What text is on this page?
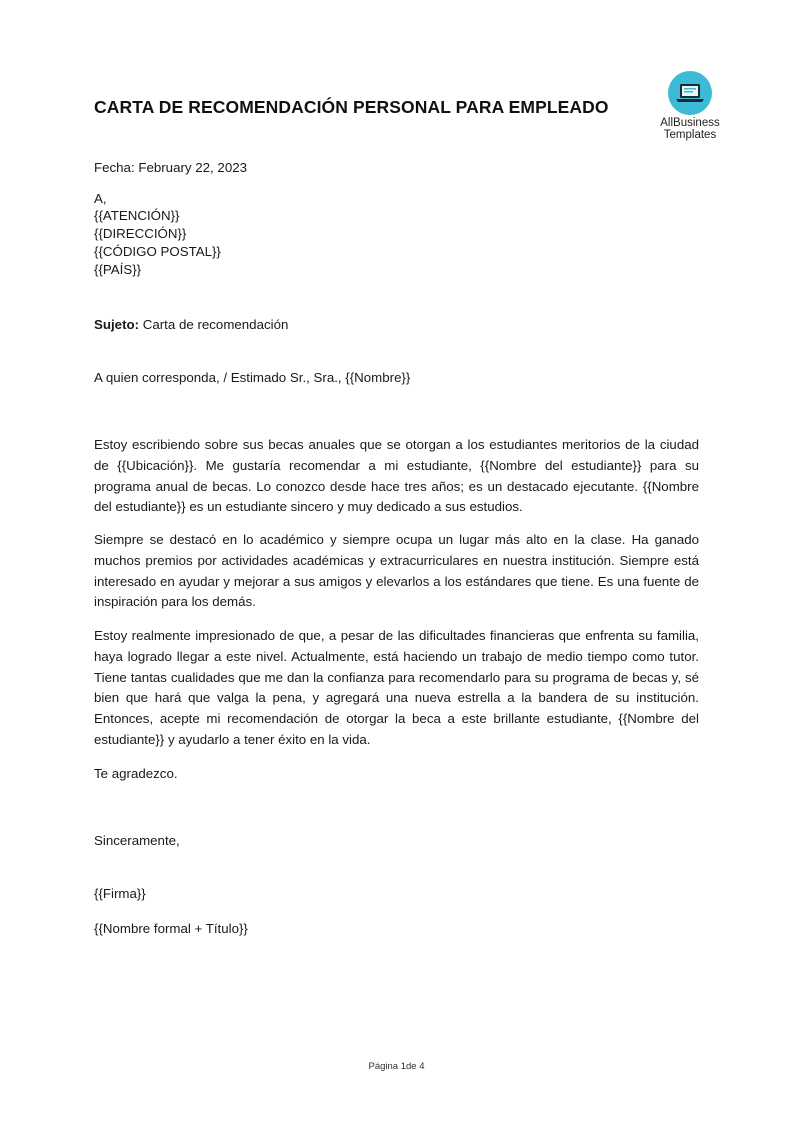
CARTA DE RECOMENDACIÓN PERSONAL PARA EMPLEADO
AllBusiness
Templates
Fecha: February 22, 2023
A,
{{ATENCIÓN}}
{{DIRECCIÓN}}
{{CÓDIGO POSTAL}}
{{PAÍS}}
Sujeto: Carta de recomendación
A quien corresponda, / Estimado Sr., Sra., {{Nombre}}
Estoy escribiendo sobre sus becas anuales que se otorgan a los estudiantes meritorios de la ciudad de {{Ubicación}}. Me gustaría recomendar a mi estudiante, {{Nombre del estudiante}} para su programa anual de becas. Lo conozco desde hace tres años; es un destacado ejecutante. {{Nombre del estudiante}} es un estudiante sincero y muy dedicado a sus estudios.
Siempre se destacó en lo académico y siempre ocupa un lugar más alto en la clase. Ha ganado muchos premios por actividades académicas y extracurriculares en nuestra institución. Siempre está interesado en ayudar y mejorar a sus amigos y elevarlos a los estándares que tiene. Es una fuente de inspiración para los demás.
Estoy realmente impresionado de que, a pesar de las dificultades financieras que enfrenta su familia, haya logrado llegar a este nivel. Actualmente, está haciendo un trabajo de medio tiempo como tutor. Tiene tantas cualidades que me dan la confianza para recomendarlo para su programa de becas y, sé bien que hará que valga la pena, y agregará una nueva estrella a la bandera de su institución. Entonces, acepte mi recomendación de otorgar la beca a este brillante estudiante, {{Nombre del estudiante}} y ayudarlo a tener éxito en la vida.
Te agradezco.
Sinceramente,
{{Firma}}
{{Nombre formal + Título}}
Página 1de 4
